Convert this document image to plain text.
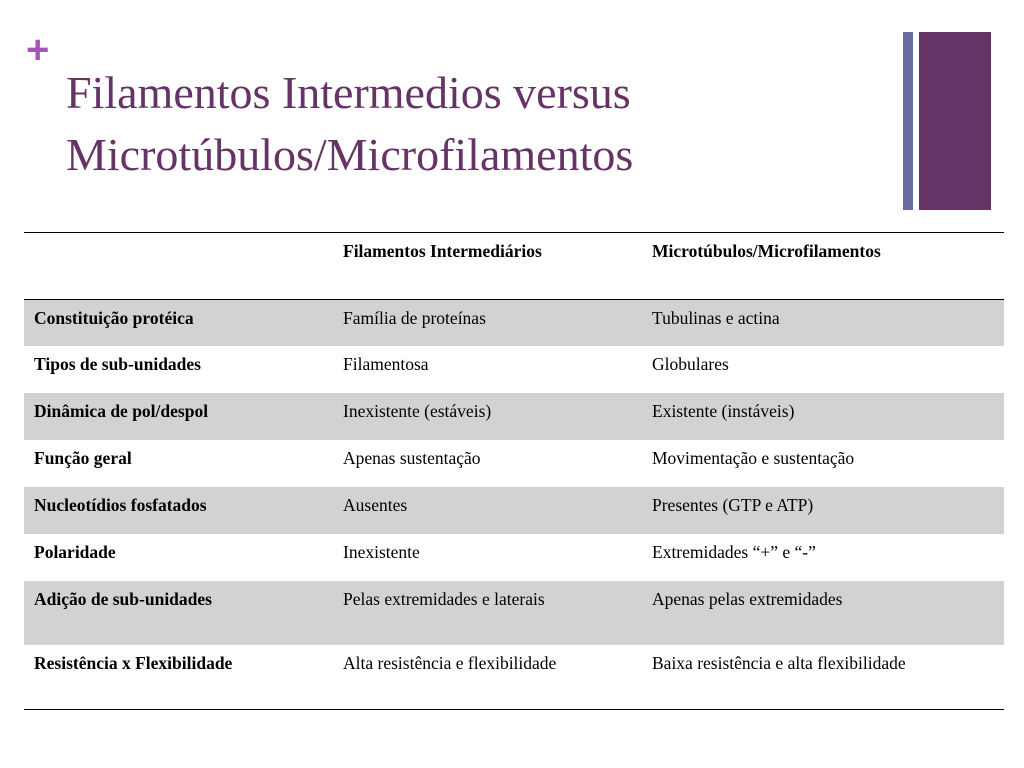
+
Filamentos Intermedios versus
Microtúbulos/Microfilamentos
	Filamentos Intermediários	Microtúbulos/Microfilamentos
Constituição protéica	Família de proteínas	Tubulinas e actina
Tipos de sub-unidades	Filamentosa	Globulares
Dinâmica de pol/despol	Inexistente (estáveis)	Existente (instáveis)
Função geral	Apenas sustentação	Movimentação e sustentação
Nucleotídios fosfatados	Ausentes	Presentes (GTP e ATP)
Polaridade	Inexistente	Extremidades “+” e “-”
Adição de sub-unidades	Pelas extremidades e laterais	Apenas pelas extremidades
Resistência x Flexibilidade	Alta resistência e flexibilidade	Baixa resistência e alta flexibilidade
